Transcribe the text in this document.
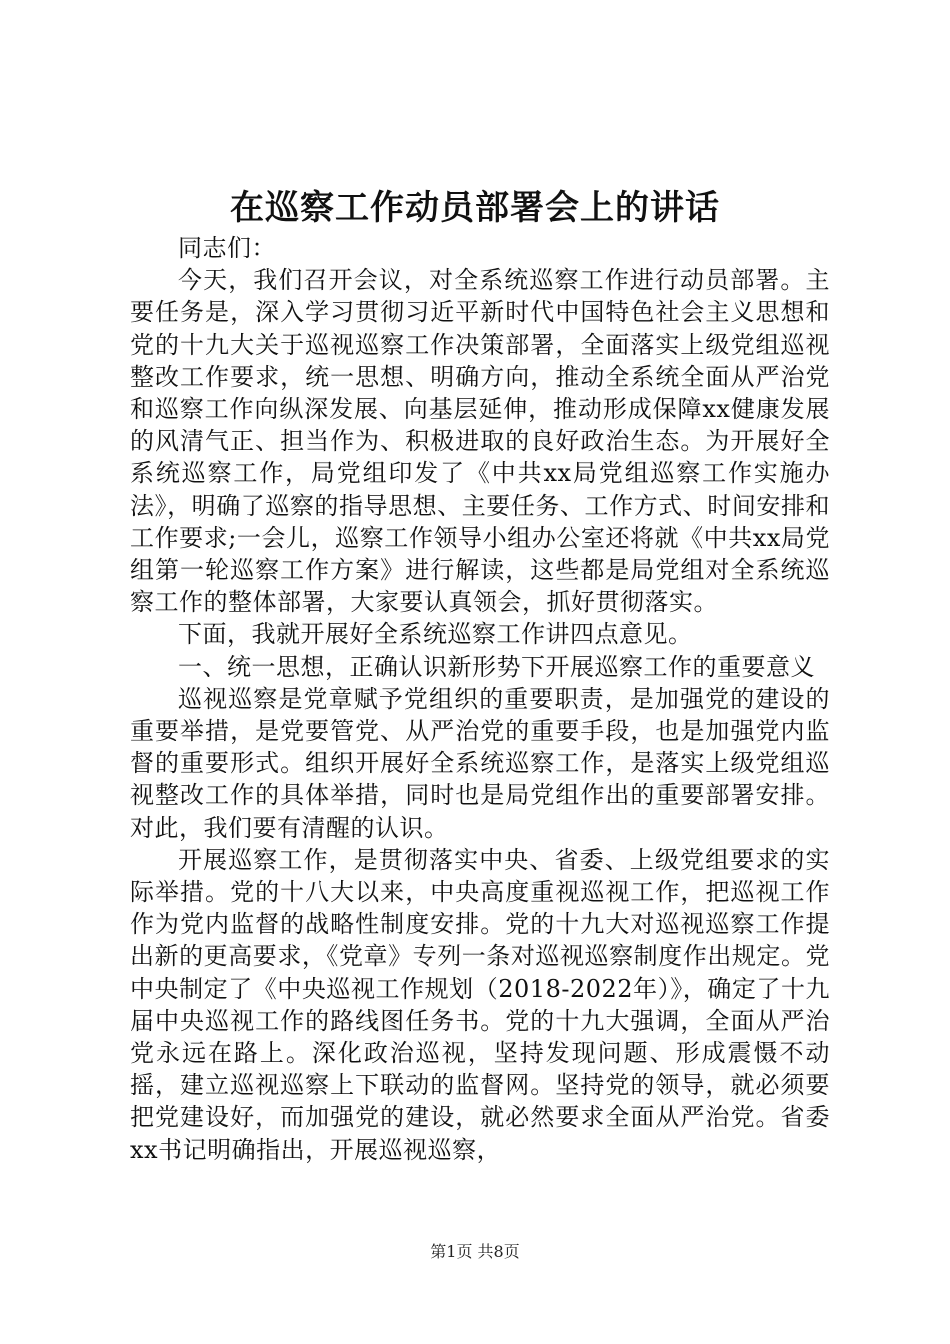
在巡察工作动员部署会上的讲话

同志们：

今天，我们召开会议，对全系统巡察工作进行动员部署。主要任务是，深入学习贯彻习近平新时代中国特色社会主义思想和党的十九大关于巡视巡察工作决策部署，全面落实上级党组巡视整改工作要求，统一思想、明确方向，推动全系统全面从严治党和巡察工作向纵深发展、向基层延伸，推动形成保障xx健康发展的风清气正、担当作为、积极进取的良好政治生态。为开展好全系统巡察工作，局党组印发了《中共xx局党组巡察工作实施办法》，明确了巡察的指导思想、主要任务、工作方式、时间安排和工作要求;一会儿，巡察工作领导小组办公室还将就《中共xx局党组第一轮巡察工作方案》进行解读，这些都是局党组对全系统巡察工作的整体部署，大家要认真领会，抓好贯彻落实。

下面，我就开展好全系统巡察工作讲四点意见。

一、统一思想，正确认识新形势下开展巡察工作的重要意义

巡视巡察是党章赋予党组织的重要职责，是加强党的建设的重要举措，是党要管党、从严治党的重要手段，也是加强党内监督的重要形式。组织开展好全系统巡察工作，是落实上级党组巡视整改工作的具体举措，同时也是局党组作出的重要部署安排。对此，我们要有清醒的认识。

开展巡察工作，是贯彻落实中央、省委、上级党组要求的实际举措。党的十八大以来，中央高度重视巡视工作，把巡视工作作为党内监督的战略性制度安排。党的十九大对巡视巡察工作提出新的更高要求，《党章》专列一条对巡视巡察制度作出规定。党中央制定了《中央巡视工作规划（2018-2022年）》，确定了十九届中央巡视工作的路线图任务书。党的十九大强调，全面从严治党永远在路上。深化政治巡视，坚持发现问题、形成震慑不动摇，建立巡视巡察上下联动的监督网。坚持党的领导，就必须要把党建设好，而加强党的建设，就必然要求全面从严治党。省委xx书记明确指出，开展巡视巡察，

第1页 共8页
